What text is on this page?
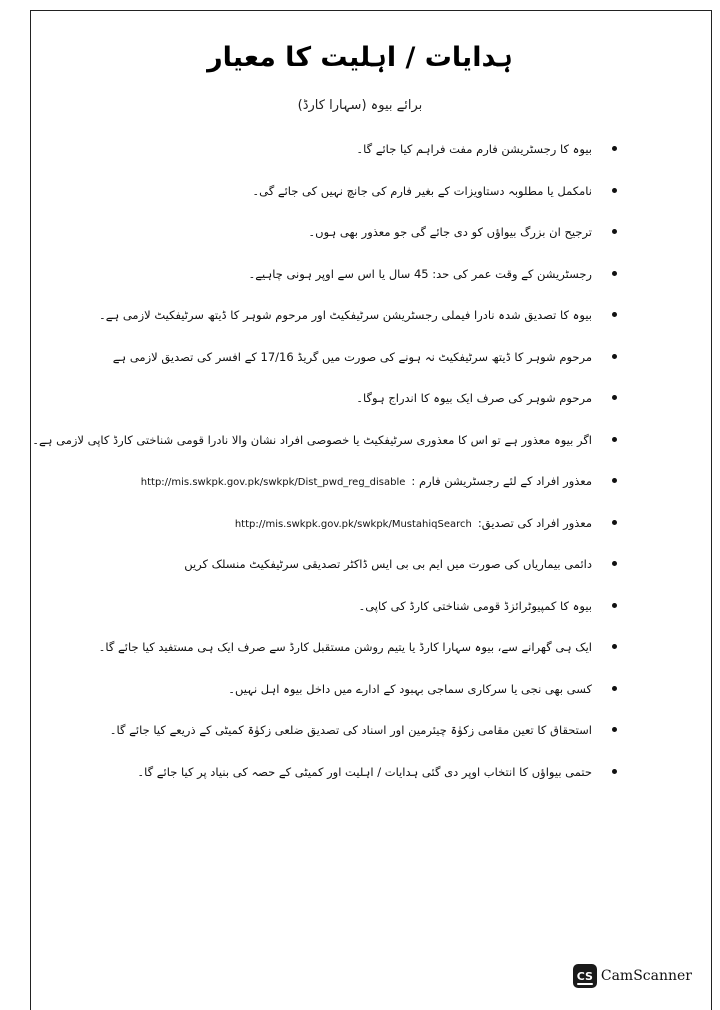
ہدایات / اہلیت کا معیار
برائے بیوہ (سہارا کارڈ)
بیوہ کا رجسٹریشن فارم مفت فراہم کیا جائے گا۔
نامکمل یا مطلوبہ دستاویزات کے بغیر فارم کی جانچ نہیں کی جائے گی۔
ترجیح ان بزرگ بیواؤں کو دی جائے گی جو معذور بھی ہوں۔
رجسٹریشن کے وقت عمر کی حد: 45 سال یا اس سے اوپر ہونی چاہیے۔
بیوہ کا تصدیق شدہ نادرا فیملی رجسٹریشن سرٹیفکیٹ اور مرحوم شوہر کا ڈیتھ سرٹیفکیٹ لازمی ہے۔
مرحوم شوہر کا ڈیتھ سرٹیفکیٹ نہ ہونے کی صورت میں گریڈ 17/16 کے افسر کی تصدیق لازمی ہے
مرحوم شوہر کی صرف ایک بیوہ کا اندراج ہوگا۔
اگر بیوہ معذور ہے تو اس کا معذوری سرٹیفکیٹ یا خصوصی افراد نشان والا نادرا قومی شناختی کارڈ کاپی لازمی ہے۔
معذور افراد کے لئے رجسٹریشن فارم :http://mis.swkpk.gov.pk/swkpk/Dist_pwd_reg_disable
معذور افراد کی تصدیق:http://mis.swkpk.gov.pk/swkpk/MustahiqSearch
دائمی بیماریاں کی صورت میں ایم بی بی ایس ڈاکٹر تصدیقی سرٹیفکیٹ منسلک کریں
بیوہ کا کمپیوٹرائزڈ قومی شناختی کارڈ کی کاپی۔
ایک ہی گھرانے سے، بیوہ سہارا کارڈ یا یتیم روشن مستقبل کارڈ سے صرف ایک ہی مستفید کیا جائے گا۔
کسی بھی نجی یا سرکاری سماجی بہبود کے ادارے میں داخل بیوہ اہل نہیں۔
استحقاق کا تعین مقامی زکوٰۃ چیئرمین اور اسناد کی تصدیق ضلعی زکوٰۃ کمیٹی کے ذریعے کیا جائے گا۔
حتمی بیواؤں کا انتخاب اوپر دی گئی ہدایات / اہلیت اور کمیٹی کے حصہ کی بنیاد پر کیا جائے گا۔
CS CamScanner
